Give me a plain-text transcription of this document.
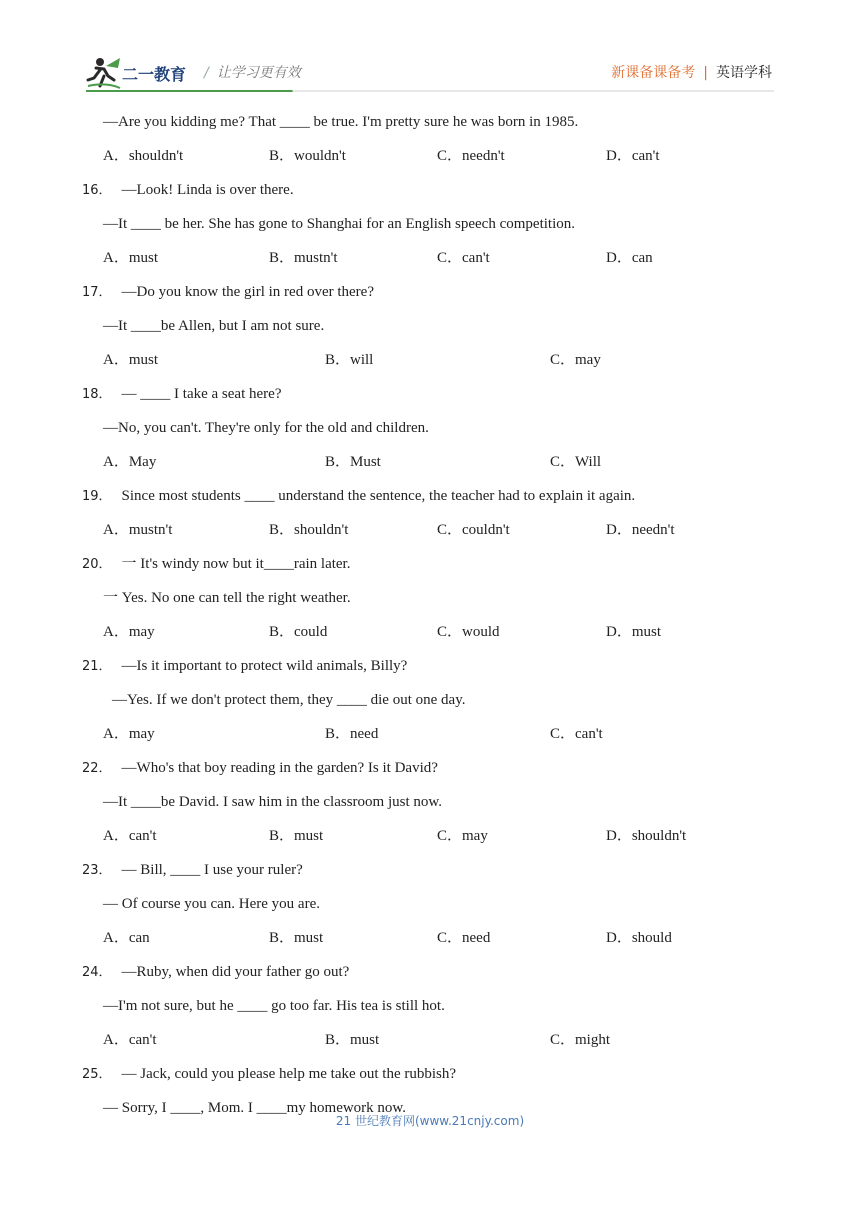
二一教育 / 让学习更有效	新课备课备考 | 英语学科
—Are you kidding me? That ____ be true. I'm pretty sure he was born in 1985.
A．shouldn't	B．wouldn't	C．needn't	D．can't
16． —Look! Linda is over there.
—It ____ be her. She has gone to Shanghai for an English speech competition.
A．must	B．mustn't	C．can't	D．can
17． —Do you know the girl in red over there?
—It ____be Allen, but I am not sure.
A．must	B．will	C．may
18． — ____ I take a seat here?
—No, you can't. They're only for the old and children.
A．May	B．Must	C．Will
19． Since most students ____ understand the sentence, the teacher had to explain it again.
A．mustn't	B．shouldn't	C．couldn't	D．needn't
20． 一 It's windy now but it____rain later.
一 Yes. No one can tell the right weather.
A．may	B．could	C．would	D．must
21． —Is it important to protect wild animals, Billy?
—Yes. If we don't protect them, they ____ die out one day.
A．may	B．need	C．can't
22． —Who's that boy reading in the garden? Is it David?
—It ____be David. I saw him in the classroom just now.
A．can't	B．must	C．may	D．shouldn't
23． — Bill, ____ I use your ruler?
— Of course you can. Here you are.
A．can	B．must	C．need	D．should
24． —Ruby, when did your father go out?
—I'm not sure, but he ____ go too far. His tea is still hot.
A．can't	B．must	C．might
25． — Jack, could you please help me take out the rubbish?
— Sorry, I ____, Mom. I ____my homework now.
21 世纪教育网(www.21cnjy.com)
